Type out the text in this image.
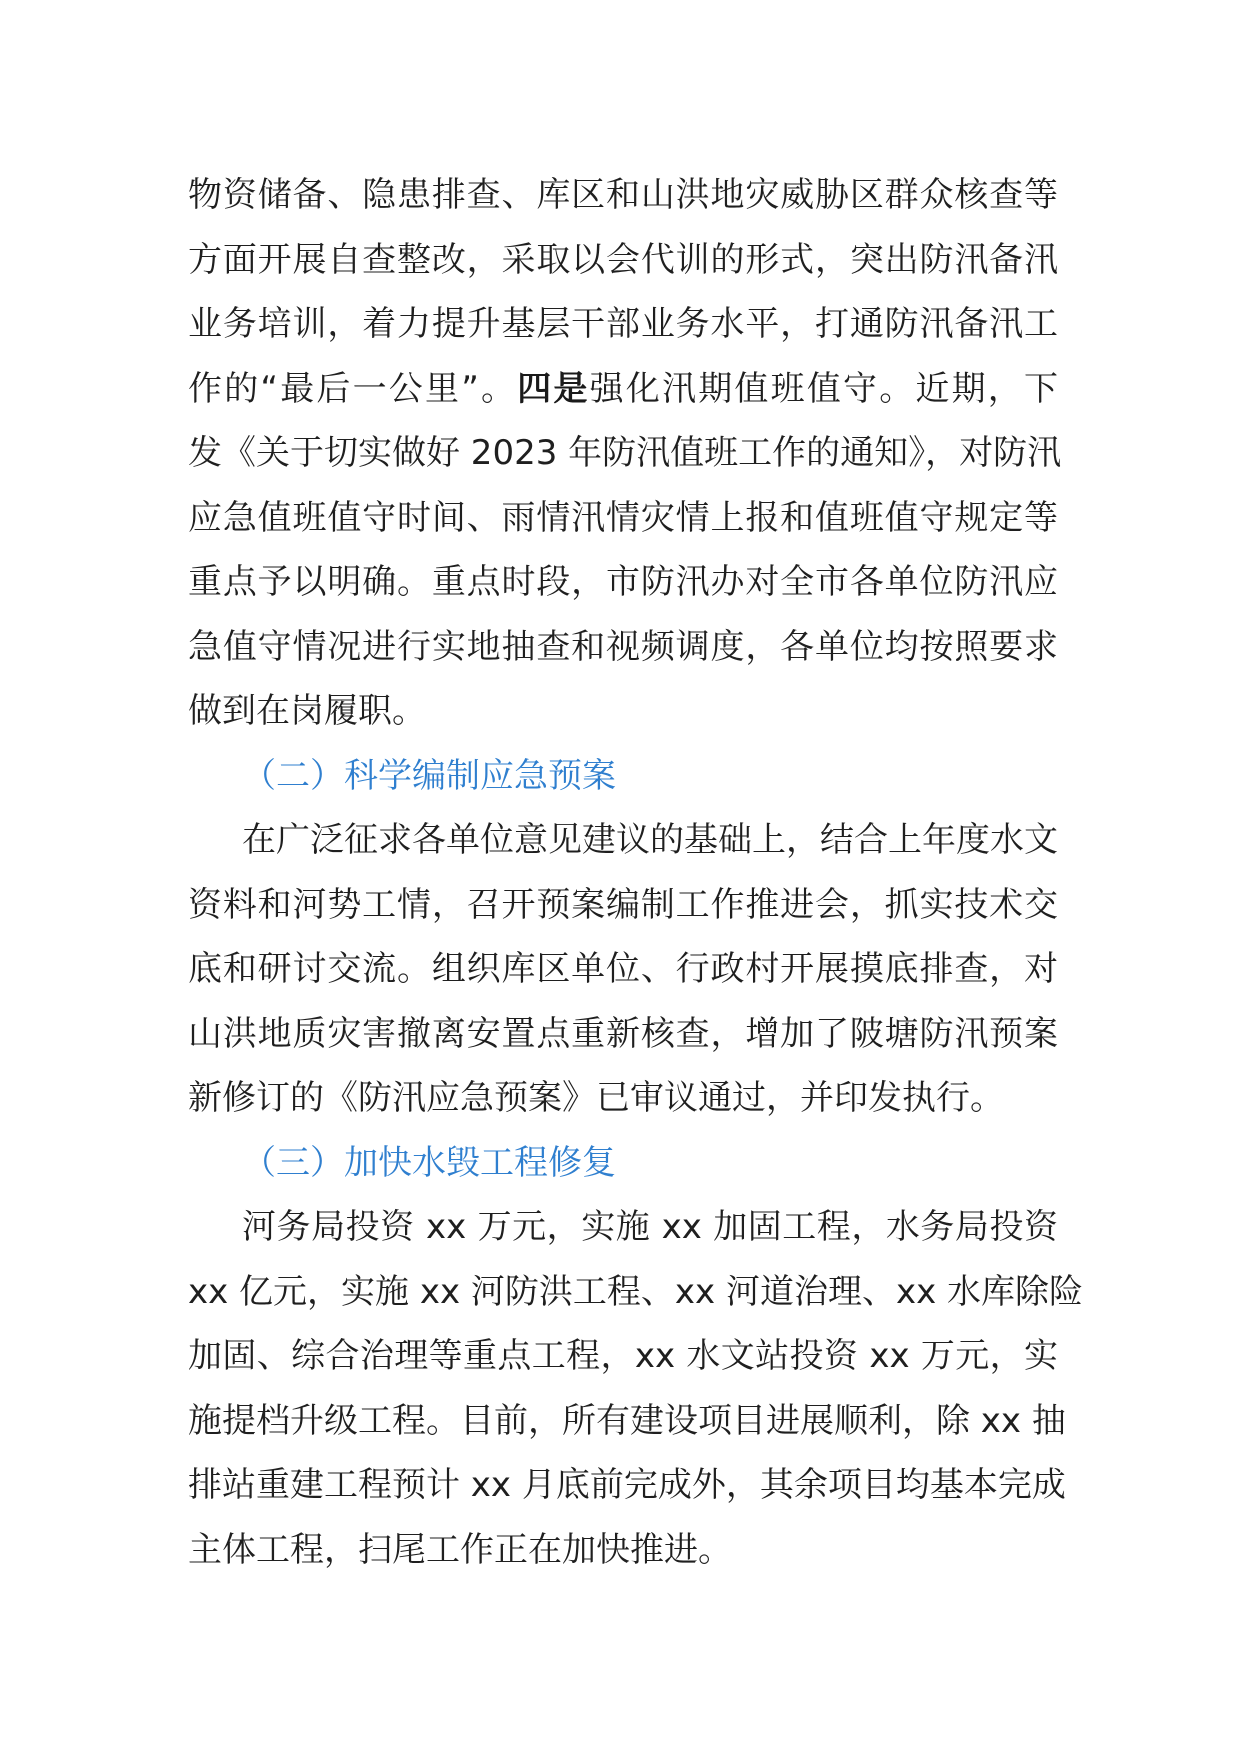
物资储备、隐患排查、库区和山洪地灾威胁区群众核查等
方面开展自查整改，采取以会代训的形式，突出防汛备汛
业务培训，着力提升基层干部业务水平，打通防汛备汛工
作的“最后一公里”。四是强化汛期值班值守。近期，下
发《关于切实做好 2023 年防汛值班工作的通知》，对防汛
应急值班值守时间、雨情汛情灾情上报和值班值守规定等
重点予以明确。重点时段，市防汛办对全市各单位防汛应
急值守情况进行实地抽查和视频调度，各单位均按照要求
做到在岗履职。
（二）科学编制应急预案
在广泛征求各单位意见建议的基础上，结合上年度水文
资料和河势工情，召开预案编制工作推进会，抓实技术交
底和研讨交流。组织库区单位、行政村开展摸底排查，对
山洪地质灾害撤离安置点重新核查，增加了陂塘防汛预案
新修订的《防汛应急预案》已审议通过，并印发执行。
（三）加快水毁工程修复
河务局投资 xx 万元，实施 xx 加固工程，水务局投资
xx 亿元，实施 xx 河防洪工程、xx 河道治理、xx 水库除险
加固、综合治理等重点工程，xx 水文站投资 xx 万元，实
施提档升级工程。目前，所有建设项目进展顺利，除 xx 抽
排站重建工程预计 xx 月底前完成外，其余项目均基本完成
主体工程，扫尾工作正在加快推进。
